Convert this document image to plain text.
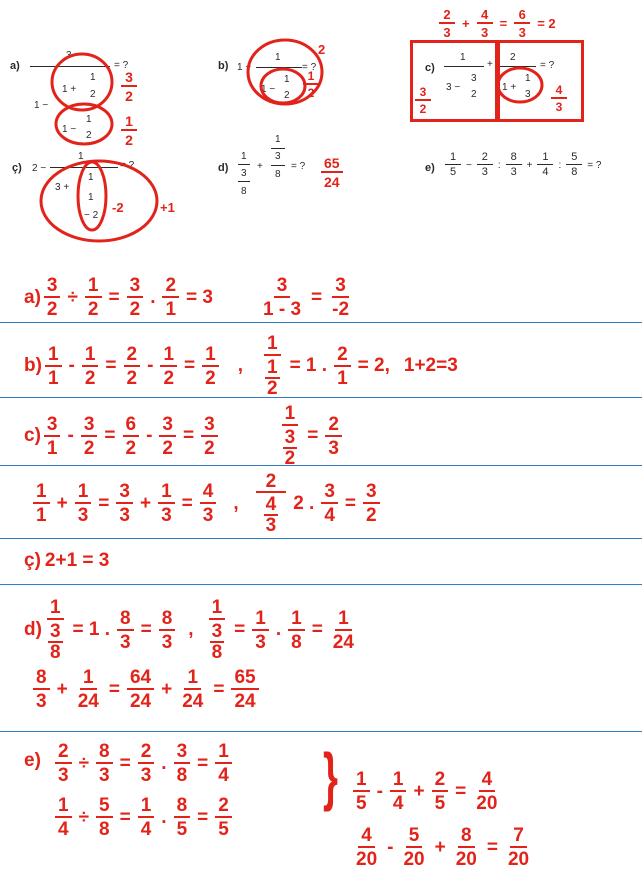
a)
3
= ?
1 +
1
2
1 −
1 −
1
2
b) 1 −
1
= ?
1 −
1
2
c)
1	2
+	= ?
3 −
3
2
1 +
1
3
ç) 2 −
1
= ?
3 +
1
1
− 2
d)
1
3
8
+
1
3
8
= ?	e)
1
5
− $\frac{2}{3}$ :
8
3
+ $\frac{1}{4}$ : $\frac{5}{8}$ = ?
3
2
1
2
2
1
2
2
3
+ $\frac{4}{3} = \frac{6}{3} = 2$
3
2
4
3
-2	+1
65
24
$a) \frac{3}{2} \div \frac{1}{2} = \frac{3}{2}$ . $\frac{2}{1} = 3 \frac{3}{1 - 3} = \frac{3}{-2}$
b)
1
1
- $\frac{1}{2} = \frac{2}{2} - \frac{1}{2} = \frac{1}{2}$ , 1
1
2 = 1 . $\frac{2}{1} = 2$, 1+2=3
c)
3
1
- $\frac{3}{2} = \frac{6}{2} - \frac{3}{2} = \frac{3}{2}$	1
3
$2 = \frac{2}{3}$
1
1
+ $\frac{1}{3} = \frac{3}{3} + \frac{1}{3} = \frac{4}{3}$ ,
2
4
3
2 . $\frac{3}{4} = \frac{3}{2}$
ç) 2+1 = 3
d) 1
3
8 = 1 . $\frac{8}{3} = \frac{8}{3}$ , 1
3
$8 = \frac{1}{3}$ . $\frac{1}{8} = \frac{1}{24}$
8
3
+ $\frac{1}{24} = \frac{64}{24} + \frac{1}{24} = \frac{65}{24}$
$e) \frac{2}{3} \div \frac{8}{3} = \frac{2}{3}$ . $\frac{3}{8} = \frac{1}{4}$
$\frac{1}{4} \div \frac{5}{8} = \frac{1}{4}$ . $\frac{8}{5} = \frac{2}{5}$
} 1
5
-
1
4
+ $\frac{2}{5} = \frac{4}{20}$
4
20
-
5
20
+ $\frac{8}{20} = \frac{7}{20}$
